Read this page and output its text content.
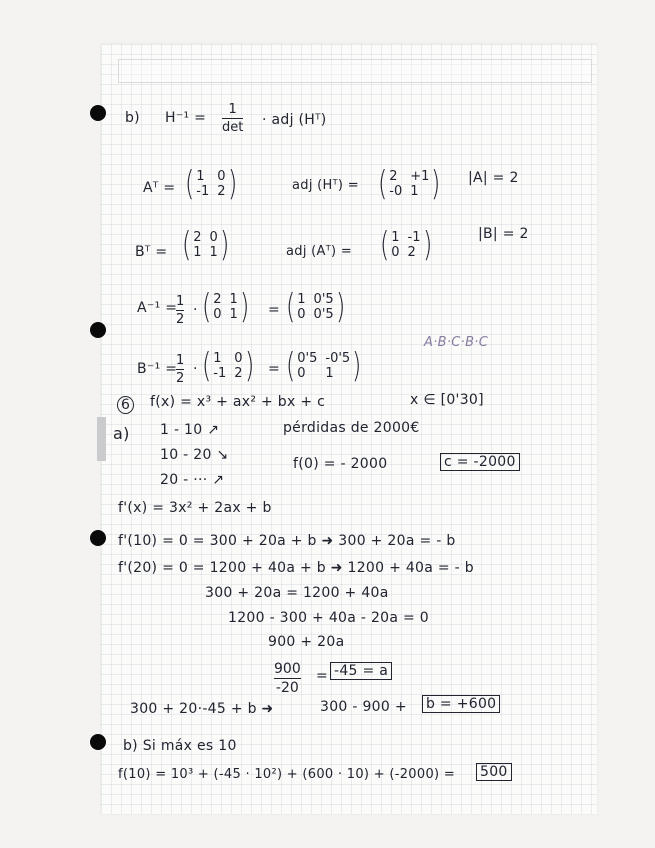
b) H⁻¹ =
1
det · adj (Hᵀ)
Aᵀ = ( 1 0
-1 2 )	adj (Hᵀ) = ( 2 +1
-0 1 ) |A| = 2
Bᵀ = ( 2 0
1 1 )	adj (Aᵀ) = ( 1 -1
0 2 )	|B| = 2
A⁻¹ =
1
2
· ( 2 1
0 1 ) = ( 1 0'5
0 0'5 )
A·B·C·B·C
B⁻¹ =
1
2
· ( 1 0
-1 2 ) = ( 0'5 -0'5
0	1 )
6 f(x) = x³ + ax² + bx + c	x ∈ [0'30]
a) 1 - 10 ↗	pérdidas de 2000€
10 - 20 ↘
20 - ··· ↗
f(0) = - 2000	c = -2000
f'(x) = 3x² + 2ax + b
f'(10) = 0 = 300 + 20a + b ➜ 300 + 20a = - b
f'(20) = 0 = 1200 + 40a + b ➜ 1200 + 40a = - b
300 + 20a = 1200 + 40a
1200 - 300 + 40a - 20a = 0
900 + 20a
900
-20
= -45 = a
300 + 20·-45 + b ➜	300 - 900 + b = +600
b) Si máx es 10
f(10) = 10³ + (-45 · 10²) + (600 · 10) + (-2000) = 500
